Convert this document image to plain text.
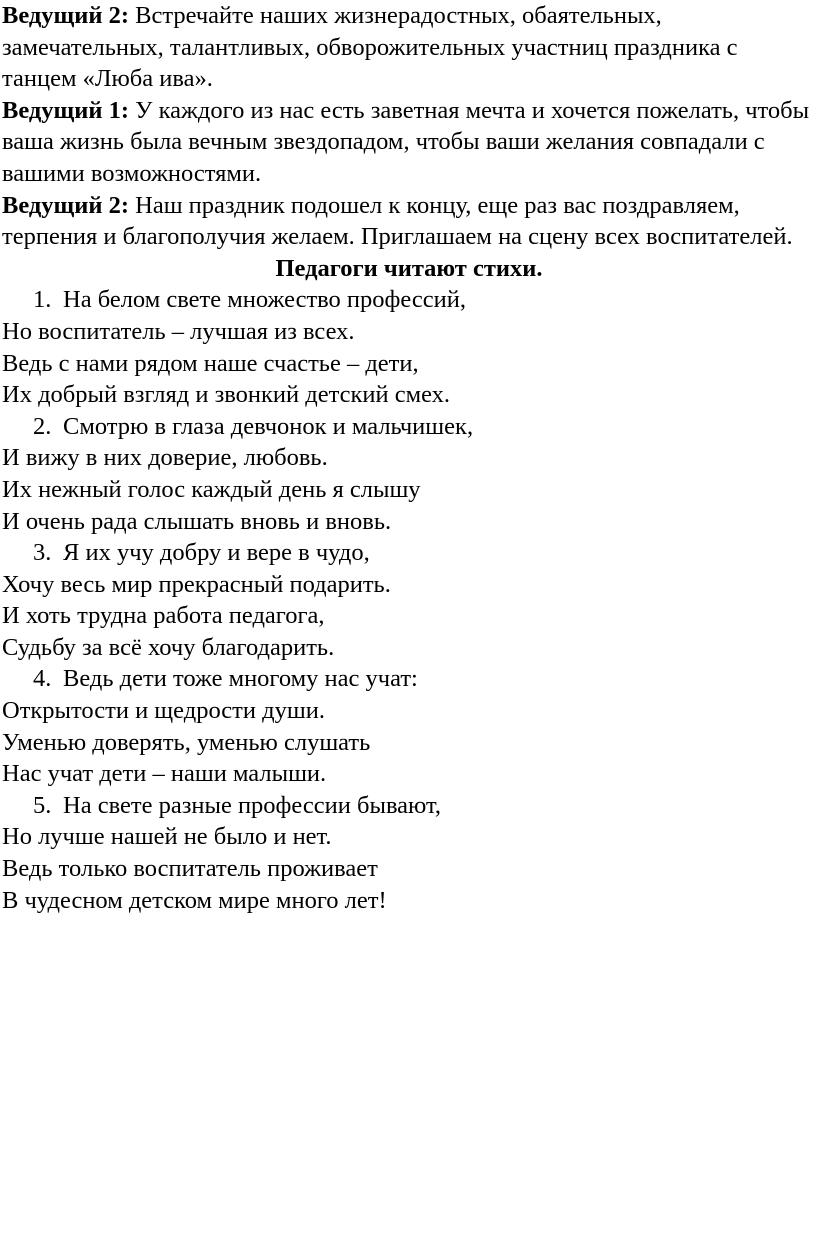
Ведущий 2: Встречайте наших жизнерадостных, обаятельных, замечательных, талантливых, обворожительных участниц праздника с танцем «Люба ива».

Ведущий 1: У каждого из нас есть заветная мечта и хочется пожелать, чтобы ваша жизнь была вечным звездопадом, чтобы ваши желания совпадали с вашими возможностями.

Ведущий 2: Наш праздник подошел к концу, еще раз вас поздравляем, терпения и благополучия желаем. Приглашаем на сцену всех воспитателей.

Педагоги читают стихи.

1. На белом свете множество профессий,

Но воспитатель – лучшая из всех.

Ведь с нами рядом наше счастье – дети,

Их добрый взгляд и звонкий детский смех.

2. Смотрю в глаза девчонок и мальчишек,

И вижу в них доверие, любовь.

Их нежный голос каждый день я слышу

И очень рада слышать вновь и вновь.

3. Я их учу добру и вере в чудо,

Хочу весь мир прекрасный подарить.

И хоть трудна работа педагога,

Судьбу за всё хочу благодарить.

4. Ведь дети тоже многому нас учат:

Открытости и щедрости души.

Уменью доверять, уменью слушать

Нас учат дети – наши малыши.

5. На свете разные профессии бывают,

Но лучше нашей не было и нет.

Ведь только воспитатель проживает

В чудесном детском мире много лет!
